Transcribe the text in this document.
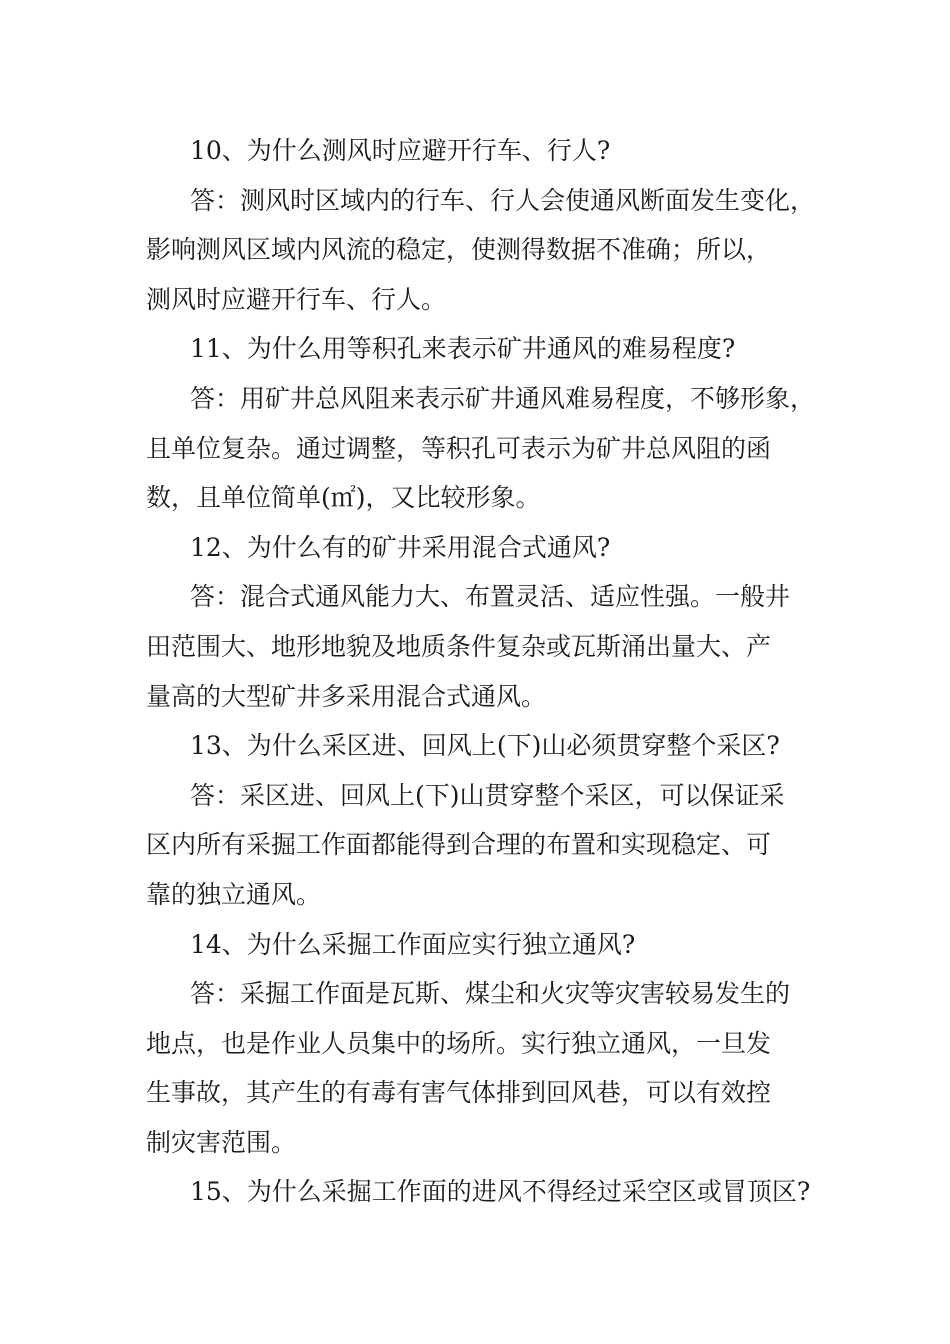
10、为什么测风时应避开行车、行人?
答：测风时区域内的行车、行人会使通风断面发生变化，
影响测风区域内风流的稳定，使测得数据不准确；所以，
测风时应避开行车、行人。
11、为什么用等积孔来表示矿井通风的难易程度?
答：用矿井总风阻来表示矿井通风难易程度，不够形象，
且单位复杂。通过调整，等积孔可表示为矿井总风阻的函
数，且单位简单(㎡)，又比较形象。
12、为什么有的矿井采用混合式通风?
答：混合式通风能力大、布置灵活、适应性强。一般井
田范围大、地形地貌及地质条件复杂或瓦斯涌出量大、产
量高的大型矿井多采用混合式通风。
13、为什么采区进、回风上(下)山必须贯穿整个采区?
答：采区进、回风上(下)山贯穿整个采区，可以保证采
区内所有采掘工作面都能得到合理的布置和实现稳定、可
靠的独立通风。
14、为什么采掘工作面应实行独立通风?
答：采掘工作面是瓦斯、煤尘和火灾等灾害较易发生的
地点，也是作业人员集中的场所。实行独立通风，一旦发
生事故，其产生的有毒有害气体排到回风巷，可以有效控
制灾害范围。
15、为什么采掘工作面的进风不得经过采空区或冒顶区?
